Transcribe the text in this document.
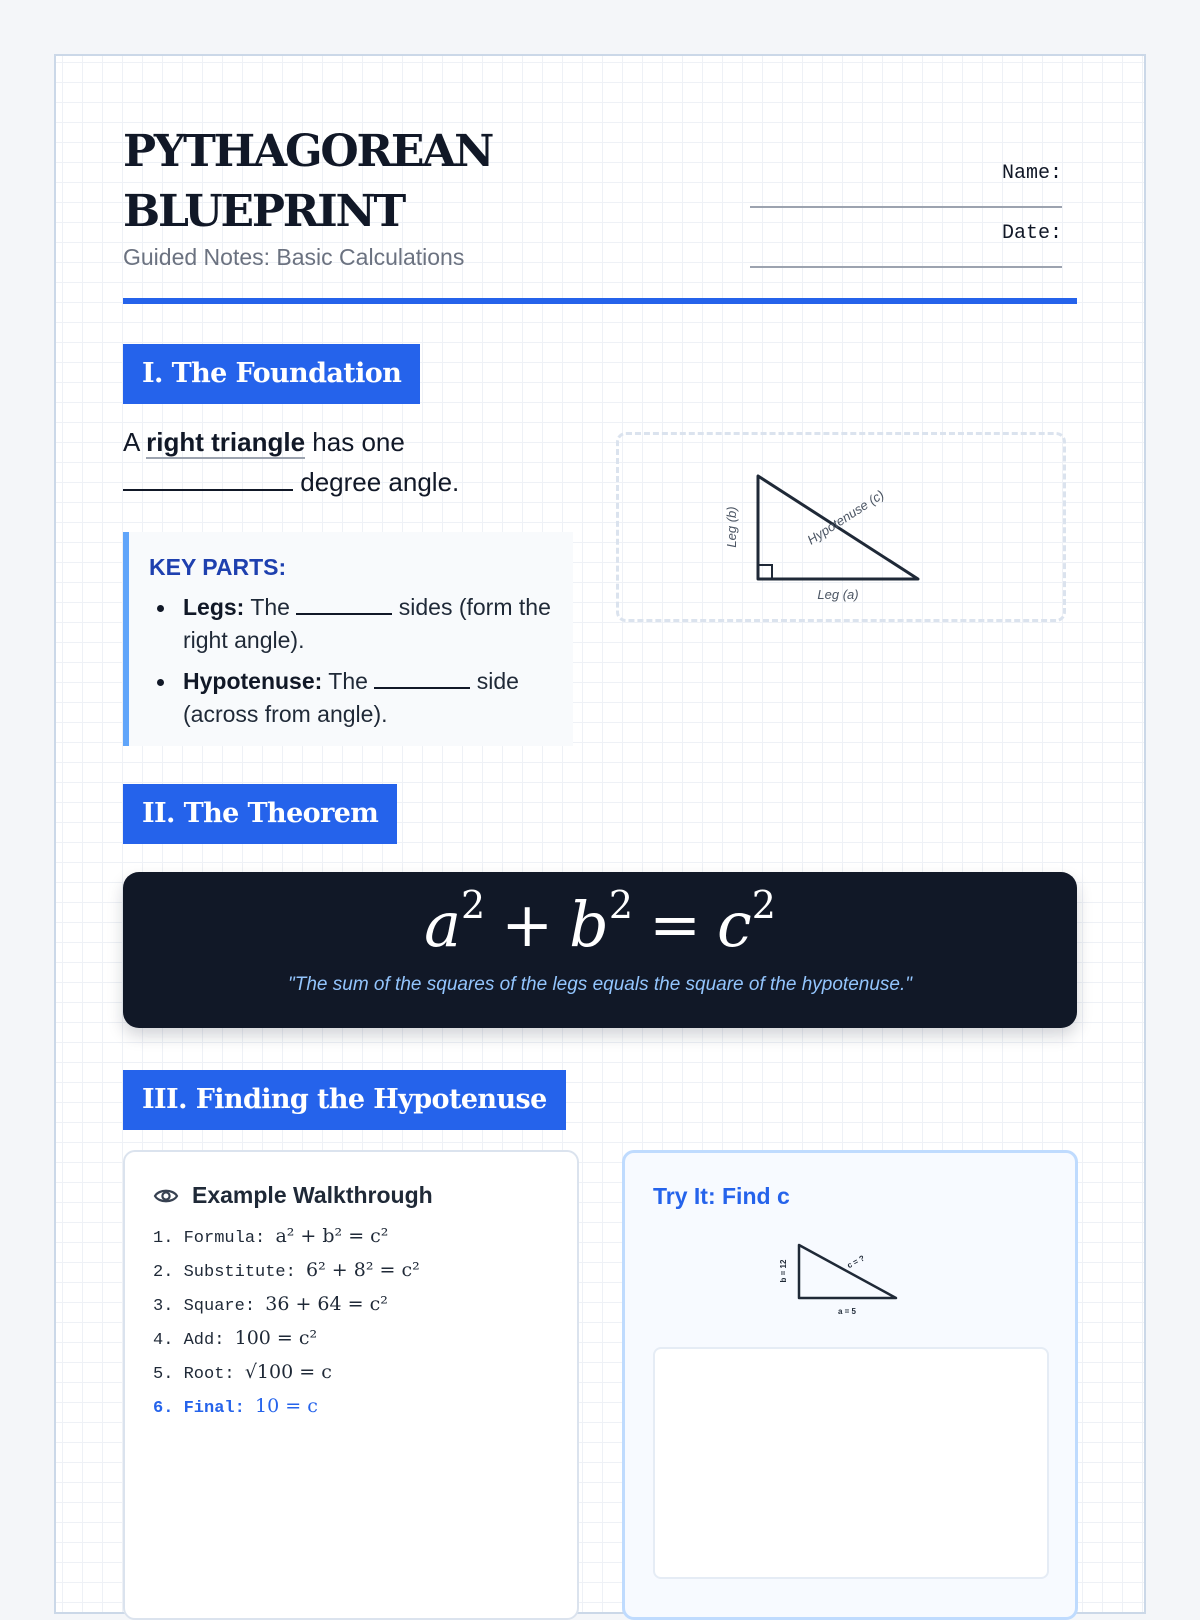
PYTHAGOREAN
BLUEPRINT
Guided Notes: Basic Calculations
Name:
Date:
I. The Foundation
A right triangle has one
degree angle.
KEY PARTS:
Legs: The	sides (form the right angle).
Hypotenuse: The	side (across from angle).
Leg (b)
Leg (a)
Hypotenuse (c)
II. The Theorem
$a^2 + b^2 = c^2$
"The sum of the squares of the legs equals the square of the hypotenuse."
III. Finding the Hypotenuse
Example Walkthrough
1. Formula: a² + b² = c²
2. Substitute: 6² + 8² = c²
3. Square: 36 + 64 = c²
4. Add: 100 = c²
5. Root: √100 = c
6. Final: 10 = c
Try It: Find c
b = 12
a = 5
c = ?
